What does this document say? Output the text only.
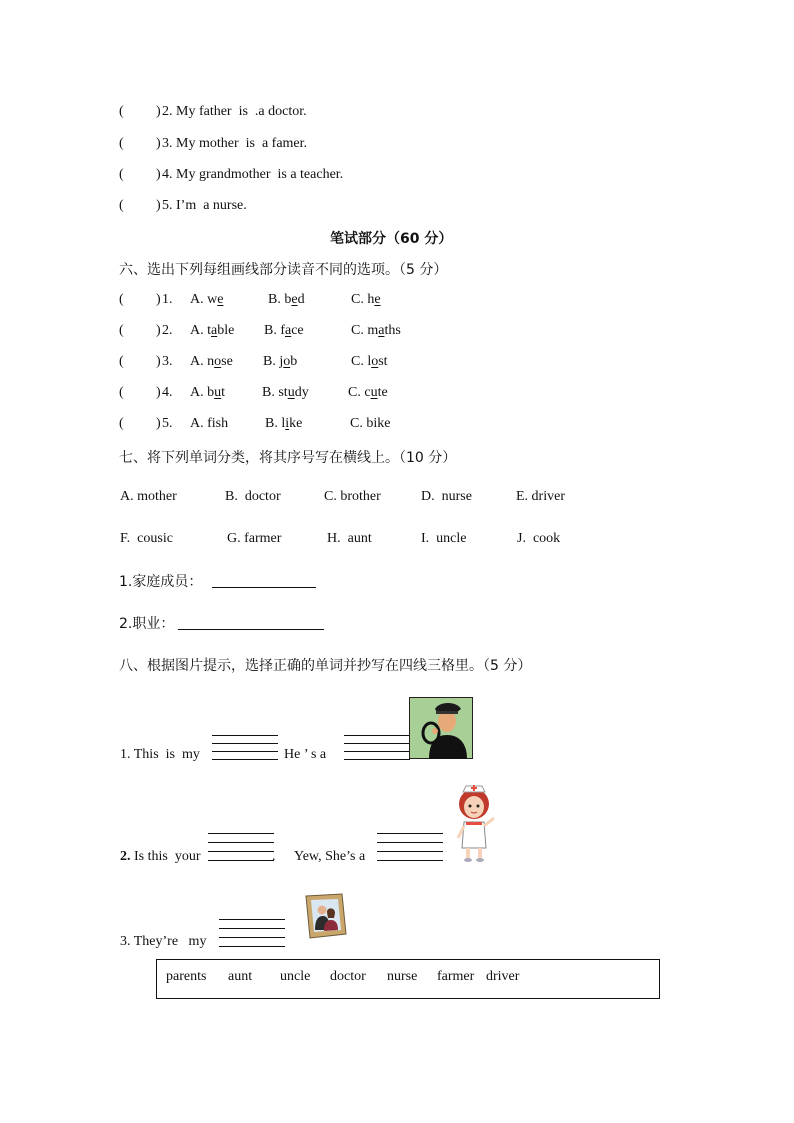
( ) 2. My father  is  .a doctor.
( ) 3. My mother  is  a famer.
( ) 4. My grandmother  is a teacher.
( ) 5. I’m  a nurse.
笔试部分（60 分）
六、选出下列每组画线部分读音不同的选项。（5 分）
( ) 1. A. we	B. bed	C. he
( ) 2. A. table B. face	C. maths
( ) 3. A. nose B. job	C. lost
( ) 4. A. but	B. study	C. cute
( ) 5. A. fish	B. like	C. bike
七、将下列单词分类，将其序号写在横线上。（10 分）
A. mother	B.  doctor	C. brother	D.  nurse	E. driver
F.  cousic	G. farmer	H.  aunt	I.  uncle	J.  cook
1.家庭成员：
2.职业：
八、根据图片提示，选择正确的单词并抄写在四线三格里。（5 分）
1. This  is  my	He ’ s a
2. Is this  your	. Yew, She’s a
3. They’re   my
parents aunt uncle doctor nurse farmer driver
